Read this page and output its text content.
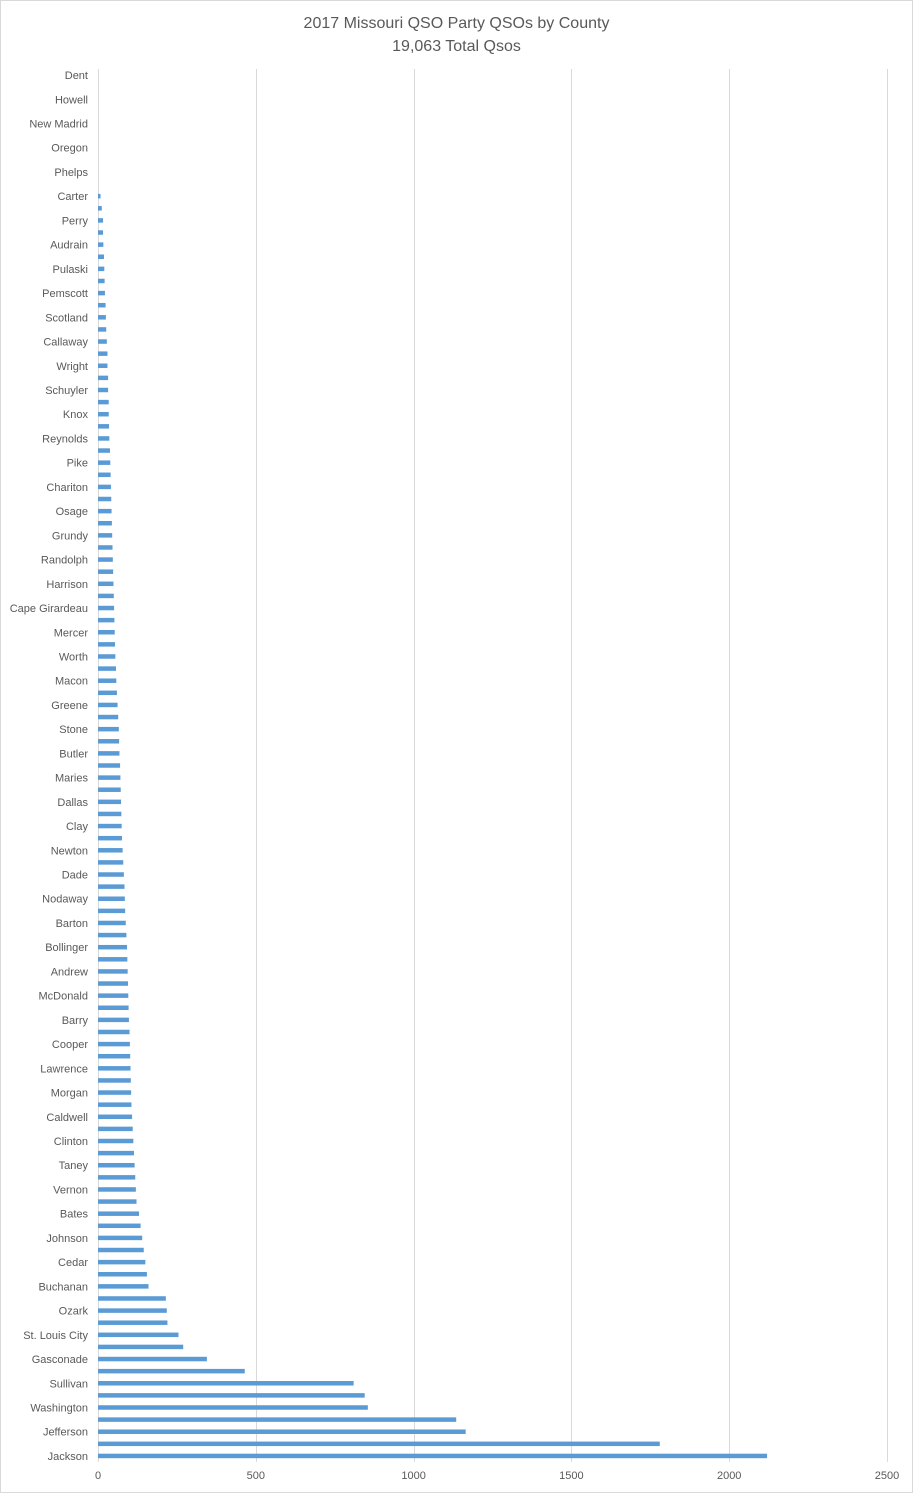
2017 Missouri QSO Party QSOs by County
19,063 Total Qsos
Dent
Howell
New Madrid
Oregon
Phelps
Carter
Perry
Audrain
Pulaski
Pemscott
Scotland
Callaway
Wright
Schuyler
Knox
Reynolds
Pike
Chariton
Osage
Grundy
Randolph
Harrison
Cape Girardeau
Mercer
Worth
Macon
Greene
Stone
Butler
Maries
Dallas
Clay
Newton
Dade
Nodaway
Barton
Bollinger
Andrew
McDonald
Barry
Cooper
Lawrence
Morgan
Caldwell
Clinton
Taney
Vernon
Bates
Johnson
Cedar
Buchanan
Ozark
St. Louis City
Gasconade
Sullivan
Washington
Jefferson
Jackson
0	500	1000	1500	2000	2500
